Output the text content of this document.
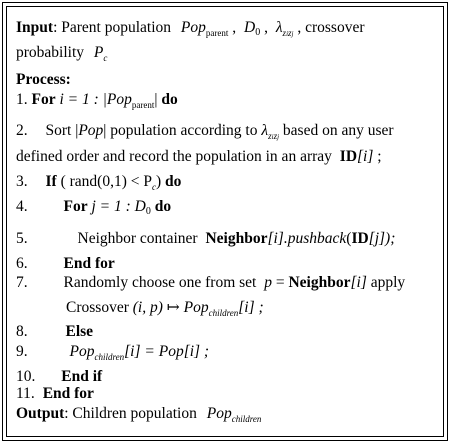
Input: Parent population Pop$_{parent}$ , D0 , $\lambda_{zizj}$ , crossover
probability $P_c$
Process:
1. For i = 1 : |Pop$_{parent}$| do
2. Sort |Pop| population according to $\lambda_{zizj}$ based on any user
defined order and record the population in an array ID[i] ;
3. If ( rand(0,1) < $P_c$) do
4. For j = 1 : D0 do
5.	Neighbor container Neighbor[i].pushback(ID[j]);
6. End for
7. Randomly choose one from set p = Neighbor[i] apply
Crossover (i, p) ↦ Pop$_{children}$[i] ;
8. Else
9.	Pop$_{children}$[i] = Pop[i] ;
10. End if
11. End for
Output: Children population Pop$_{children}$
